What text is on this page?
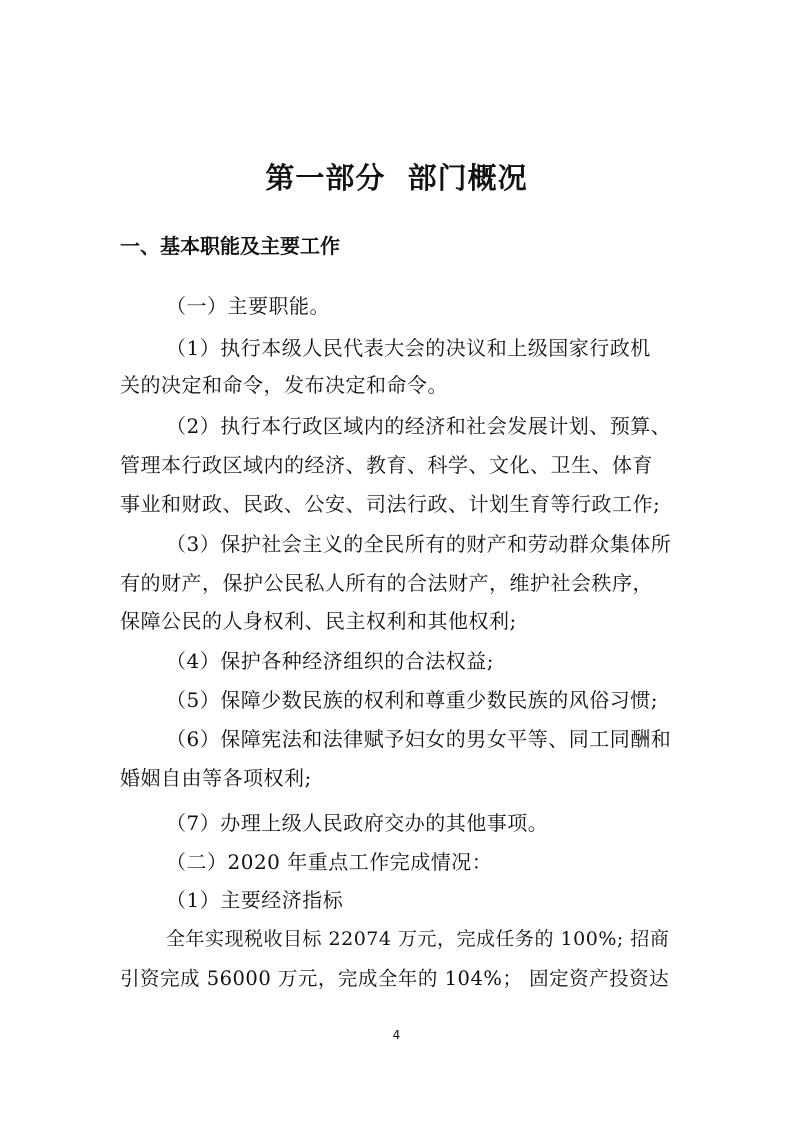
第一部分  部门概况
一、基本职能及主要工作
（一）主要职能。
（1）执行本级人民代表大会的决议和上级国家行政机
关的决定和命令，发布决定和命令。
（2）执行本行政区域内的经济和社会发展计划、预算、
管理本行政区域内的经济、教育、科学、文化、卫生、体育
事业和财政、民政、公安、司法行政、计划生育等行政工作;
（3）保护社会主义的全民所有的财产和劳动群众集体所
有的财产，保护公民私人所有的合法财产，维护社会秩序，
保障公民的人身权利、民主权利和其他权利;
（4）保护各种经济组织的合法权益;
（5）保障少数民族的权利和尊重少数民族的风俗习惯;
（6）保障宪法和法律赋予妇女的男女平等、同工同酬和
婚姻自由等各项权利;
（7）办理上级人民政府交办的其他事项。
（二）2020 年重点工作完成情况：
（1）主要经济指标
全年实现税收目标 22074 万元，完成任务的 100%; 招商
引资完成 56000 万元，完成全年的 104%； 固定资产投资达
4
